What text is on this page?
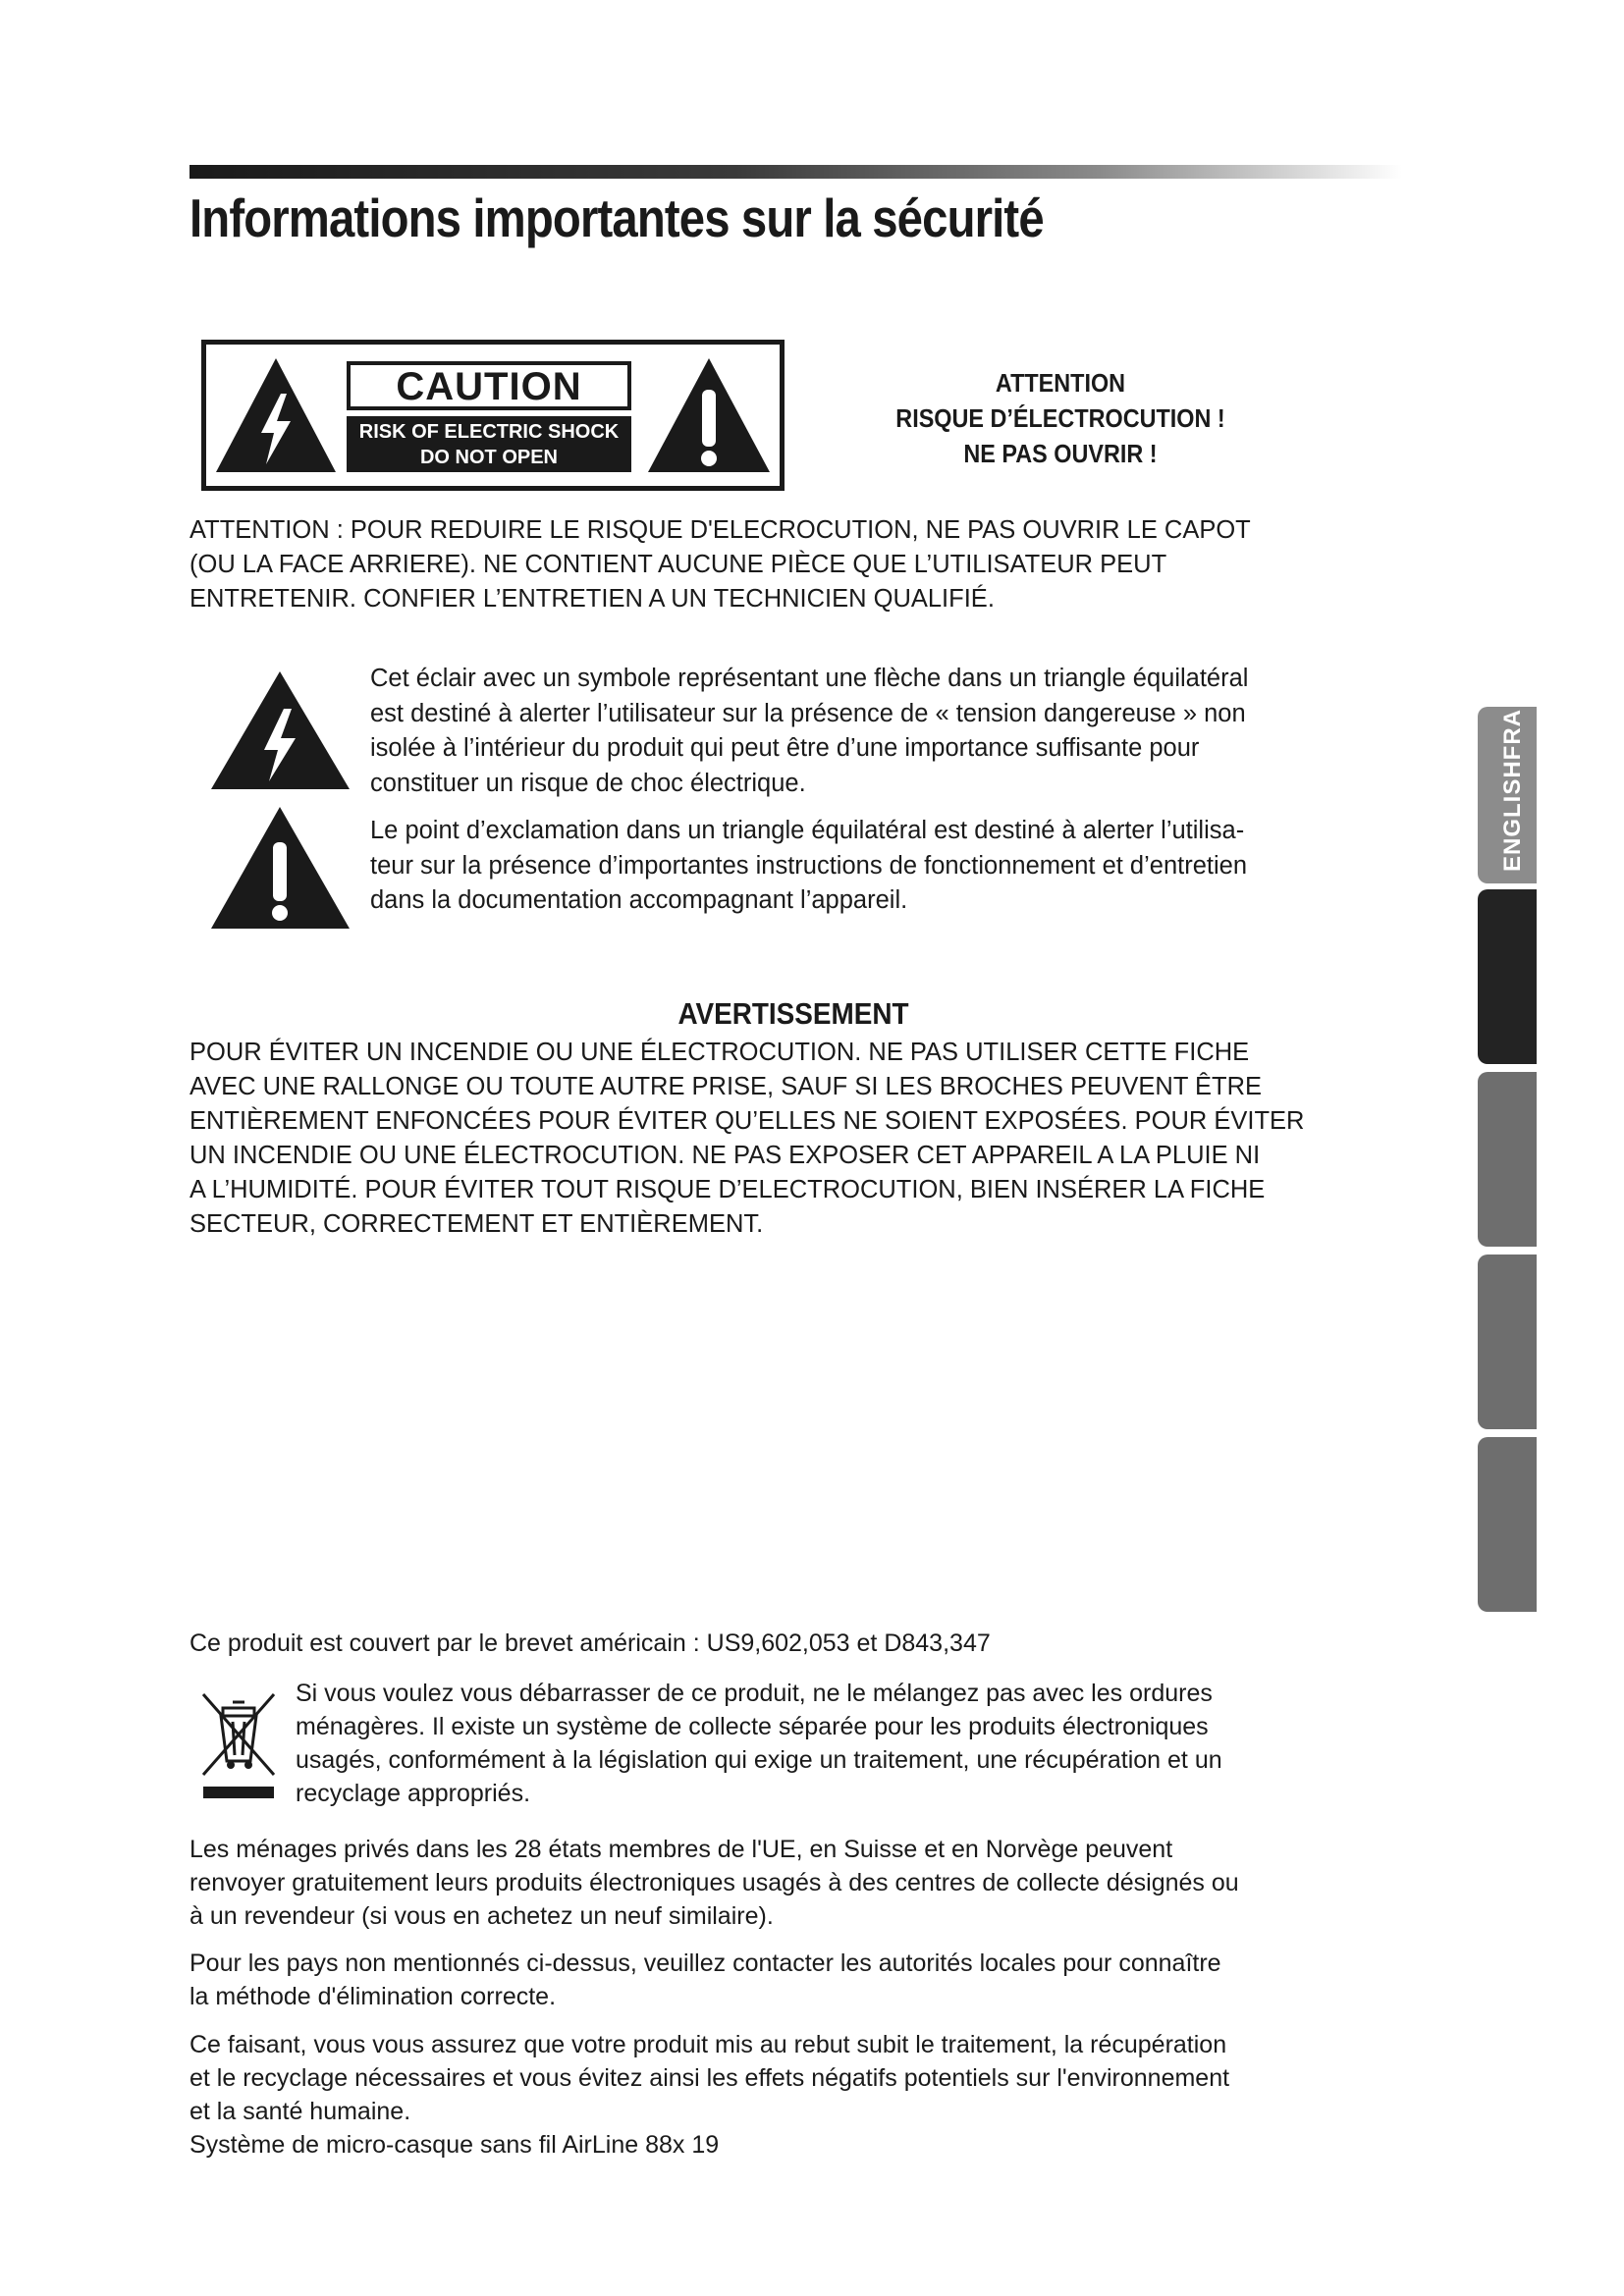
Informations importantes sur la sécurité
CAUTION
RISK OF ELECTRIC SHOCK
DO NOT OPEN
ATTENTION
RISQUE D’ÉLECTROCUTION !
NE PAS OUVRIR !
ATTENTION : POUR REDUIRE LE RISQUE D'ELECROCUTION, NE PAS OUVRIR LE CAPOT
(OU LA FACE ARRIERE). NE CONTIENT AUCUNE PIÈCE QUE L’UTILISATEUR PEUT
ENTRETENIR. CONFIER L’ENTRETIEN A UN TECHNICIEN QUALIFIÉ.
Cet éclair avec un symbole représentant une flèche dans un triangle équilatéral
est destiné à alerter l’utilisateur sur la présence de « tension dangereuse » non
isolée à l’intérieur du produit qui peut être d’une importance suffisante pour
constituer un risque de choc électrique.
Le point d’exclamation dans un triangle équilatéral est destiné à alerter l’utilisa-
teur sur la présence d’importantes instructions de fonctionnement et d’entretien
dans la documentation accompagnant l’appareil.
AVERTISSEMENT
POUR ÉVITER UN INCENDIE OU UNE ÉLECTROCUTION. NE PAS UTILISER CETTE FICHE
AVEC UNE RALLONGE OU TOUTE AUTRE PRISE, SAUF SI LES BROCHES PEUVENT ÊTRE
ENTIÈREMENT ENFONCÉES POUR ÉVITER QU’ELLES NE SOIENT EXPOSÉES. POUR ÉVITER
UN INCENDIE OU UNE ÉLECTROCUTION. NE PAS EXPOSER CET APPAREIL A LA PLUIE NI
A L’HUMIDITÉ. POUR ÉVITER TOUT RISQUE D’ELECTROCUTION, BIEN INSÉRER LA FICHE
SECTEUR, CORRECTEMENT ET ENTIÈREMENT.
ENGLISHFRA
Ce produit est couvert par le brevet américain : US9,602,053 et D843,347
Si vous voulez vous débarrasser de ce produit, ne le mélangez pas avec les ordures
ménagères. Il existe un système de collecte séparée pour les produits électroniques
usagés, conformément à la législation qui exige un traitement, une récupération et un
recyclage appropriés.
Les ménages privés dans les 28 états membres de l'UE, en Suisse et en Norvège peuvent
renvoyer gratuitement leurs produits électroniques usagés à des centres de collecte désignés ou
à un revendeur (si vous en achetez un neuf similaire).
Pour les pays non mentionnés ci-dessus, veuillez contacter les autorités locales pour connaître
la méthode d'élimination correcte.
Ce faisant, vous vous assurez que votre produit mis au rebut subit le traitement, la récupération
et le recyclage nécessaires et vous évitez ainsi les effets négatifs potentiels sur l'environnement
et la santé humaine.
Système de micro-casque sans fil AirLine 88x 19
